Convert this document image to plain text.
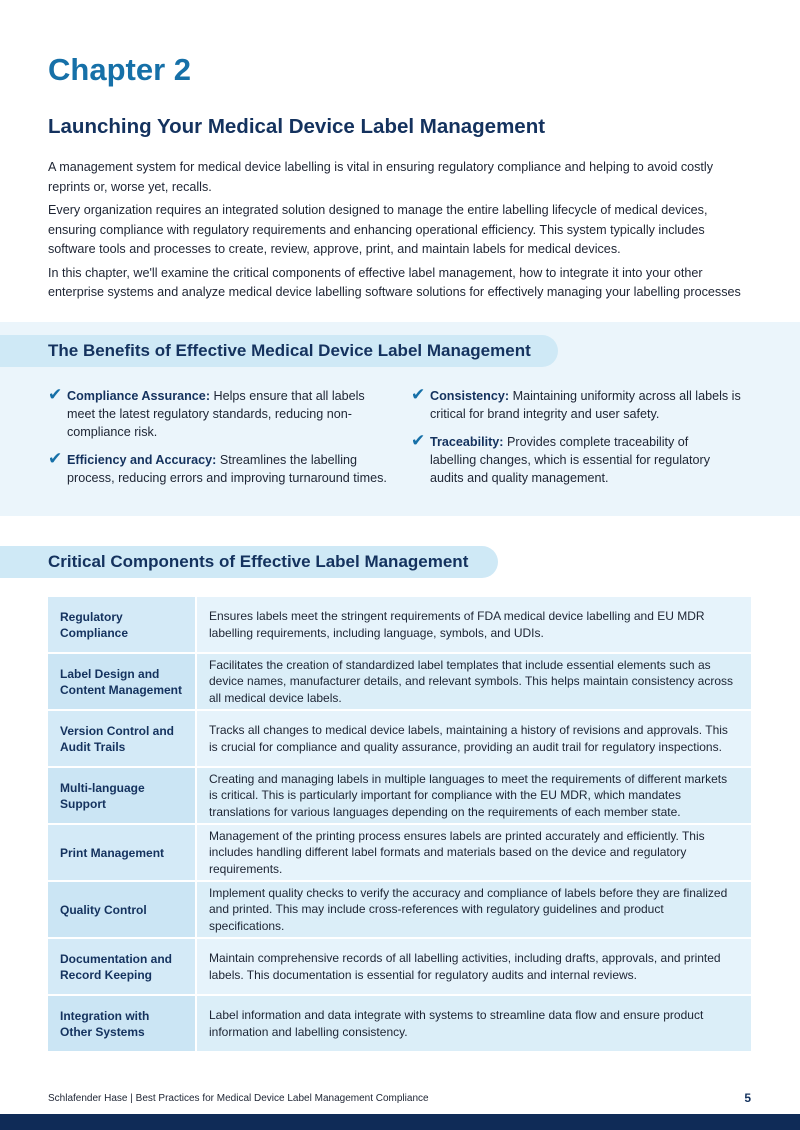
Chapter 2
Launching Your Medical Device Label Management

A management system for medical device labelling is vital in ensuring regulatory compliance and helping to avoid costly reprints or, worse yet, recalls.

Every organization requires an integrated solution designed to manage the entire labelling lifecycle of medical devices, ensuring compliance with regulatory requirements and enhancing operational efficiency. This system typically includes software tools and processes to create, review, approve, print, and maintain labels for medical devices.

In this chapter, we'll examine the critical components of effective label management, how to integrate it into your other enterprise systems and analyze medical device labelling software solutions for effectively managing your labelling processes

The Benefits of Effective Medical Device Label Management
✔ Compliance Assurance: Helps ensure that all labels meet the latest regulatory standards, reducing non-compliance risk.
✔ Efficiency and Accuracy: Streamlines the labelling process, reducing errors and improving turnaround times.
✔ Consistency: Maintaining uniformity across all labels is critical for brand integrity and user safety.
✔ Traceability: Provides complete traceability of labelling changes, which is essential for regulatory audits and quality management.
Critical Components of Effective Label Management
Regulatory Compliance
Ensures labels meet the stringent requirements of FDA medical device labelling and EU MDR labelling requirements, including language, symbols, and UDIs.
Label Design and Content Management
Facilitates the creation of standardized label templates that include essential elements such as device names, manufacturer details, and relevant symbols. This helps maintain consistency across all medical device labels.
Version Control and Audit Trails
Tracks all changes to medical device labels, maintaining a history of revisions and approvals. This is crucial for compliance and quality assurance, providing an audit trail for regulatory inspections.
Multi-language Support
Creating and managing labels in multiple languages to meet the requirements of different markets is critical. This is particularly important for compliance with the EU MDR, which mandates translations for various languages depending on the requirements of each member state.
Print Management
Management of the printing process ensures labels are printed accurately and efficiently. This includes handling different label formats and materials based on the device and regulatory requirements.
Quality Control
Implement quality checks to verify the accuracy and compliance of labels before they are finalized and printed. This may include cross-references with regulatory guidelines and product specifications.
Documentation and Record Keeping
Maintain comprehensive records of all labelling activities, including drafts, approvals, and printed labels. This documentation is essential for regulatory audits and internal reviews.
Integration with Other Systems
Label information and data integrate with systems to streamline data flow and ensure product information and labelling consistency.
Schlafender Hase | Best Practices for Medical Device Label Management Compliance	5
